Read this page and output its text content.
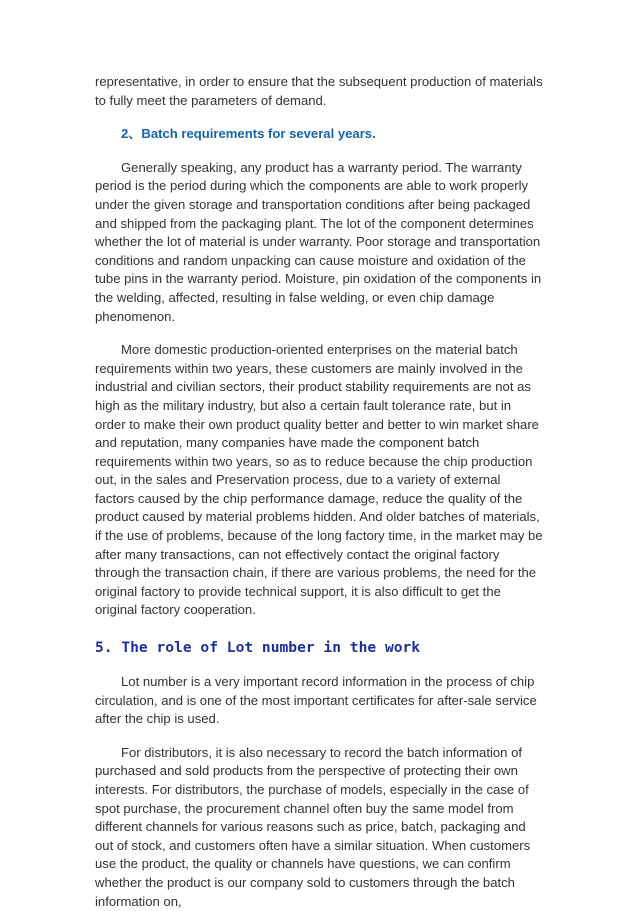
representative, in order to ensure that the subsequent production of materials to fully meet the parameters of demand.

2、Batch requirements for several years.

Generally speaking, any product has a warranty period. The warranty period is the period during which the components are able to work properly under the given storage and transportation conditions after being packaged and shipped from the packaging plant. The lot of the component determines whether the lot of material is under warranty. Poor storage and transportation conditions and random unpacking can cause moisture and oxidation of the tube pins in the warranty period. Moisture, pin oxidation of the components in the welding, affected, resulting in false welding, or even chip damage phenomenon.

More domestic production-oriented enterprises on the material batch requirements within two years, these customers are mainly involved in the industrial and civilian sectors, their product stability requirements are not as high as the military industry, but also a certain fault tolerance rate, but in order to make their own product quality better and better to win market share and reputation, many companies have made the component batch requirements within two years, so as to reduce because the chip production out, in the sales and Preservation process, due to a variety of external factors caused by the chip performance damage, reduce the quality of the product caused by material problems hidden. And older batches of materials, if the use of problems, because of the long factory time, in the market may be after many transactions, can not effectively contact the original factory through the transaction chain, if there are various problems, the need for the original factory to provide technical support, it is also difficult to get the original factory cooperation.

5. The role of Lot number in the work

Lot number is a very important record information in the process of chip circulation, and is one of the most important certificates for after-sale service after the chip is used.

For distributors, it is also necessary to record the batch information of purchased and sold products from the perspective of protecting their own interests. For distributors, the purchase of models, especially in the case of spot purchase, the procurement channel often buy the same model from different channels for various reasons such as price, batch, packaging and out of stock, and customers often have a similar situation. When customers use the product, the quality or channels have questions, we can confirm whether the product is our company sold to customers through the batch information on,
